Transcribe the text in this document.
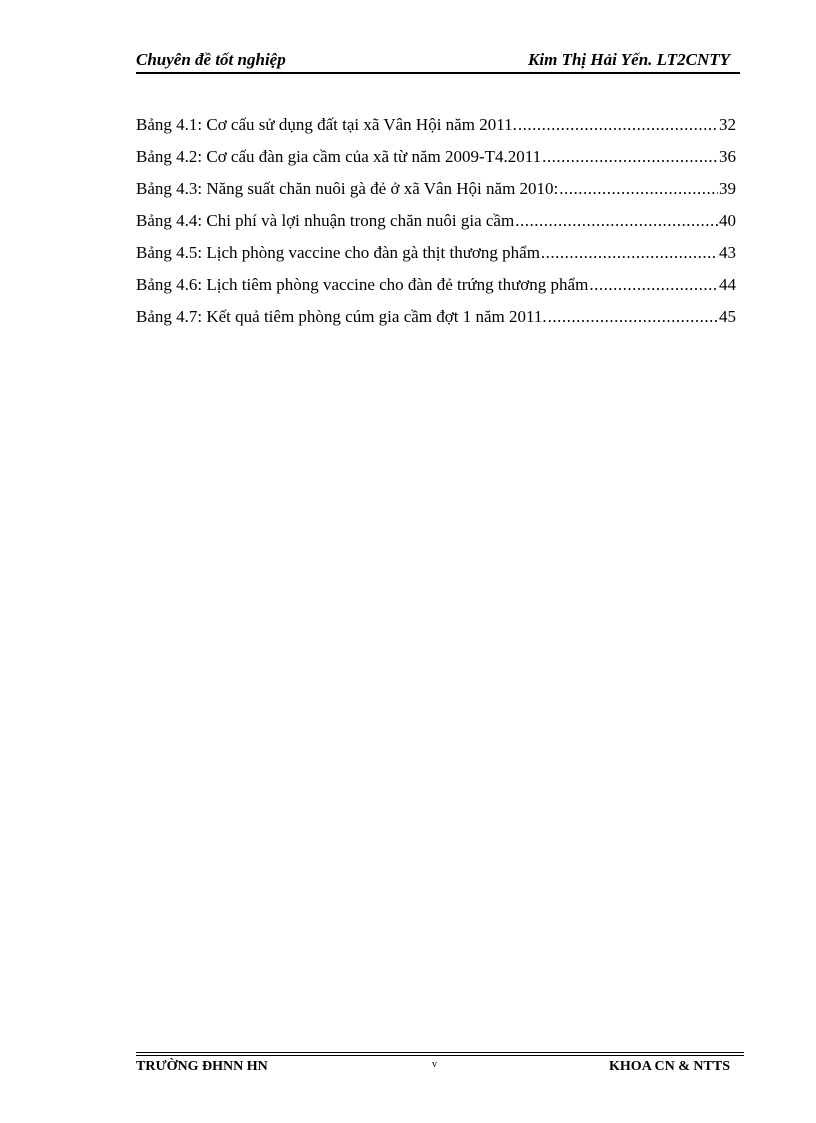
Chuyên đề tốt nghiệp	Kim Thị Hải Yến. LT2CNTY
Bảng 4.1: Cơ cấu sử dụng đất tại xã Vân Hội năm 2011. .....	32
Bảng 4.2: Cơ cấu đàn gia cầm của xã từ năm 2009-T4.2011 .....	36
Bảng 4.3: Năng suất chăn nuôi gà đẻ ở xã Vân Hội năm 2010: .....	39
Bảng 4.4: Chi phí và lợi nhuận trong chăn nuôi gia cầm .....	40
Bảng 4.5: Lịch phòng vaccine cho đàn gà thịt thương phẩm .....	43
Bảng 4.6: Lịch tiêm phòng vaccine cho đàn đẻ trứng thương phẩm .....	44
Bảng 4.7: Kết quả tiêm phòng cúm gia cầm đợt 1 năm 2011. .....	45
TRƯỜNG ĐHNN HN	v	KHOA CN & NTTS
